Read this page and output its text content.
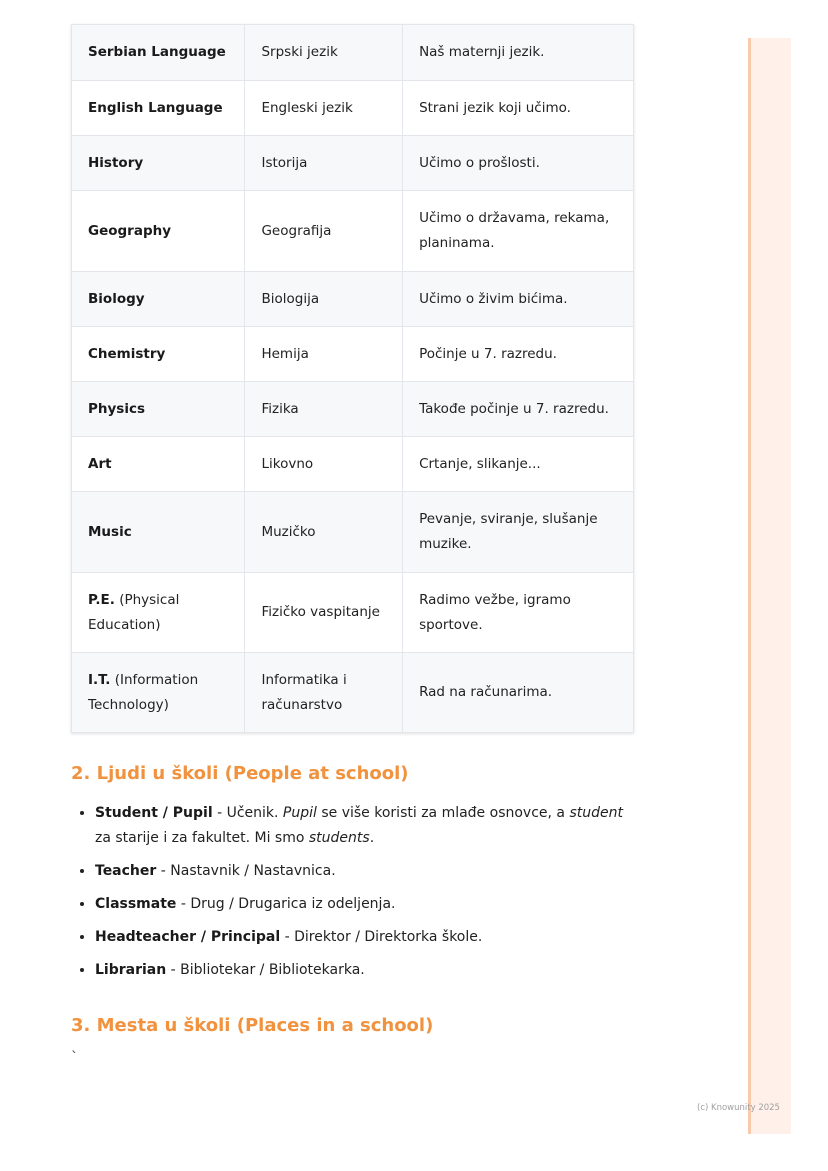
Serbian Language	Srpski jezik	Naš maternji jezik.
English Language	Engleski jezik	Strani jezik koji učimo.
History	Istorija	Učimo o prošlosti.
Geography	Geografija	Učimo o državama, rekama, planinama.
Biology	Biologija	Učimo o živim bićima.
Chemistry	Hemija	Počinje u 7. razredu.
Physics	Fizika	Takođe počinje u 7. razredu.
Art	Likovno	Crtanje, slikanje...
Music	Muzičko	Pevanje, sviranje, slušanje muzike.
P.E. (Physical Education)	Fizičko vaspitanje	Radimo vežbe, igramo sportove.
I.T. (Information Technology)	Informatika i računarstvo	Rad na računarima.
2. Ljudi u školi (People at school)
• Student / Pupil - Učenik. Pupil se više koristi za mlađe osnovce, a student za starije i za fakultet. Mi smo students.
• Teacher - Nastavnik / Nastavnica.
• Classmate - Drug / Drugarica iz odeljenja.
• Headteacher / Principal - Direktor / Direktorka škole.
• Librarian - Bibliotekar / Bibliotekarka.
3. Mesta u školi (Places in a school)
`
(c) Knowunity 2025
